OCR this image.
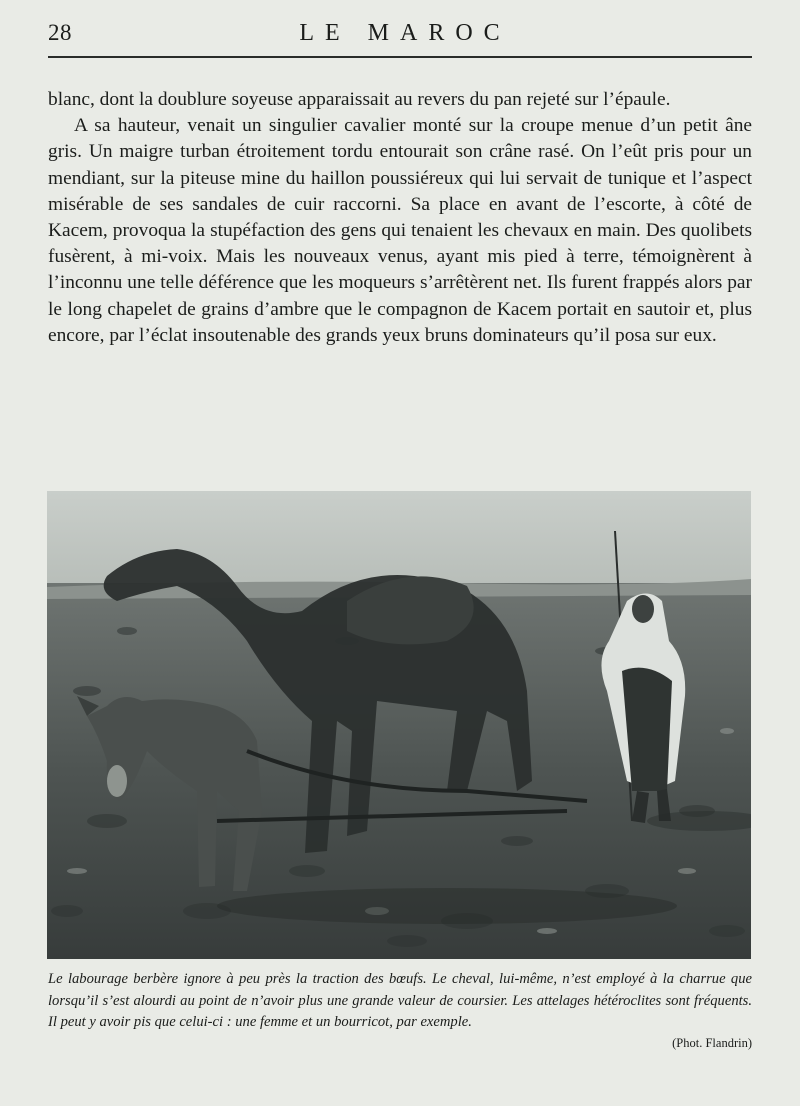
28	LE MAROC

blanc, dont la doublure soyeuse apparaissait au revers du pan rejeté sur l’épaule.

A sa hauteur, venait un singulier cavalier monté sur la croupe menue d’un petit âne gris. Un maigre turban étroitement tordu entourait son crâne rasé. On l’eût pris pour un mendiant, sur la piteuse mine du haillon poussiéreux qui lui servait de tunique et l’aspect misérable de ses sandales de cuir raccorni. Sa place en avant de l’escorte, à côté de Kacem, provoqua la stupéfaction des gens qui tenaient les chevaux en main. Des quolibets fusèrent, à mi-voix. Mais les nouveaux venus, ayant mis pied à terre, témoignèrent à l’inconnu une telle déférence que les moqueurs s’arrêtèrent net. Ils furent frappés alors par le long chapelet de grains d’ambre que le compagnon de Kacem portait en sautoir et, plus encore, par l’éclat insoutenable des grands yeux bruns dominateurs qu’il posa sur eux.

Le labourage berbère ignore à peu près la traction des bœufs. Le cheval, lui-même, n’est employé à la charrue que lorsqu’il s’est alourdi au point de n’avoir plus une grande valeur de coursier. Les attelages hétéroclites sont fréquents. Il peut y avoir pis que celui-ci : une femme et un bourricot, par exemple.

(Phot. Flandrin)
